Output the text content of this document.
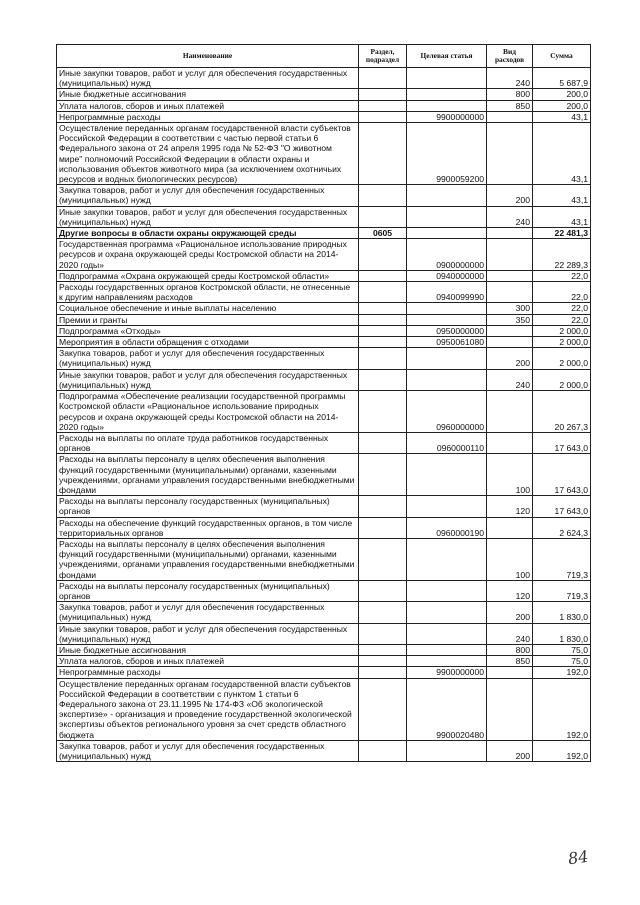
Наименование	Раздел, подраздел	Целевая статья	Вид расходов	Сумма
Иные закупки товаров, работ и услуг для обеспечения государственных (муниципальных) нужд			240	5 687,9
Иные бюджетные ассигнования			800	200,0
Уплата налогов, сборов и иных платежей			850	200,0
Непрограммные расходы		9900000000		43,1
Осуществление переданных органам государственной власти субъектов Российской Федерации в соответствии с частью первой статьи 6 Федерального закона от 24 апреля 1995 года № 52-ФЗ "О животном мире" полномочий Российской Федерации в области охраны и использования объектов животного мира (за исключением охотничьих ресурсов и водных биологических ресурсов)		9900059200		43,1
Закупка товаров, работ и услуг для обеспечения государственных (муниципальных) нужд			200	43,1
Иные закупки товаров, работ и услуг для обеспечения государственных (муниципальных) нужд			240	43,1
Другие вопросы в области охраны окружающей среды	0605			22 481,3
Государственная программа «Рациональное использование природных ресурсов и охрана окружающей среды Костромской области на 2014-2020 годы»		0900000000		22 289,3
Подпрограмма «Охрана окружающей среды Костромской области»		0940000000		22,0
Расходы государственных органов Костромской области, не отнесенные к другим направлениям расходов		0940099990		22,0
Социальное обеспечение и иные выплаты населению			300	22,0
Премии и гранты			350	22,0
Подпрограмма «Отходы»		0950000000		2 000,0
Мероприятия в области обращения с отходами		0950061080		2 000,0
Закупка товаров, работ и услуг для обеспечения государственных (муниципальных) нужд			200	2 000,0
Иные закупки товаров, работ и услуг для обеспечения государственных (муниципальных) нужд			240	2 000,0
Подпрограмма «Обеспечение реализации государственной программы Костромской области «Рациональное использование природных ресурсов и охрана окружающей среды Костромской области на 2014-2020 годы»		0960000000		20 267,3
Расходы на выплаты по оплате труда работников государственных органов		0960000110		17 643,0
Расходы на выплаты персоналу в целях обеспечения выполнения функций государственными (муниципальными) органами, казенными учреждениями, органами управления государственными внебюджетными фондами			100	17 643,0
Расходы на выплаты персоналу государственных (муниципальных) органов			120	17 643,0
Расходы на обеспечение функций государственных органов, в том числе территориальных органов		0960000190		2 624,3
Расходы на выплаты персоналу в целях обеспечения выполнения функций государственными (муниципальными) органами, казенными учреждениями, органами управления государственными внебюджетными фондами			100	719,3
Расходы на выплаты персоналу государственных (муниципальных) органов			120	719,3
Закупка товаров, работ и услуг для обеспечения государственных (муниципальных) нужд			200	1 830,0
Иные закупки товаров, работ и услуг для обеспечения государственных (муниципальных) нужд			240	1 830,0
Иные бюджетные ассигнования			800	75,0
Уплата налогов, сборов и иных платежей			850	75,0
Непрограммные расходы		9900000000		192,0
Осуществление переданных органам государственной власти субъектов Российской Федерации в соответствии с пунктом 1 статьи 6 Федерального закона от 23.11.1995 № 174-ФЗ «Об экологической экспертизе» - организация и проведение государственной экологической экспертизы объектов регионального уровня за счет средств областного бюджета		9900020480		192,0
Закупка товаров, работ и услуг для обеспечения государственных (муниципальных) нужд			200	192,0
84
